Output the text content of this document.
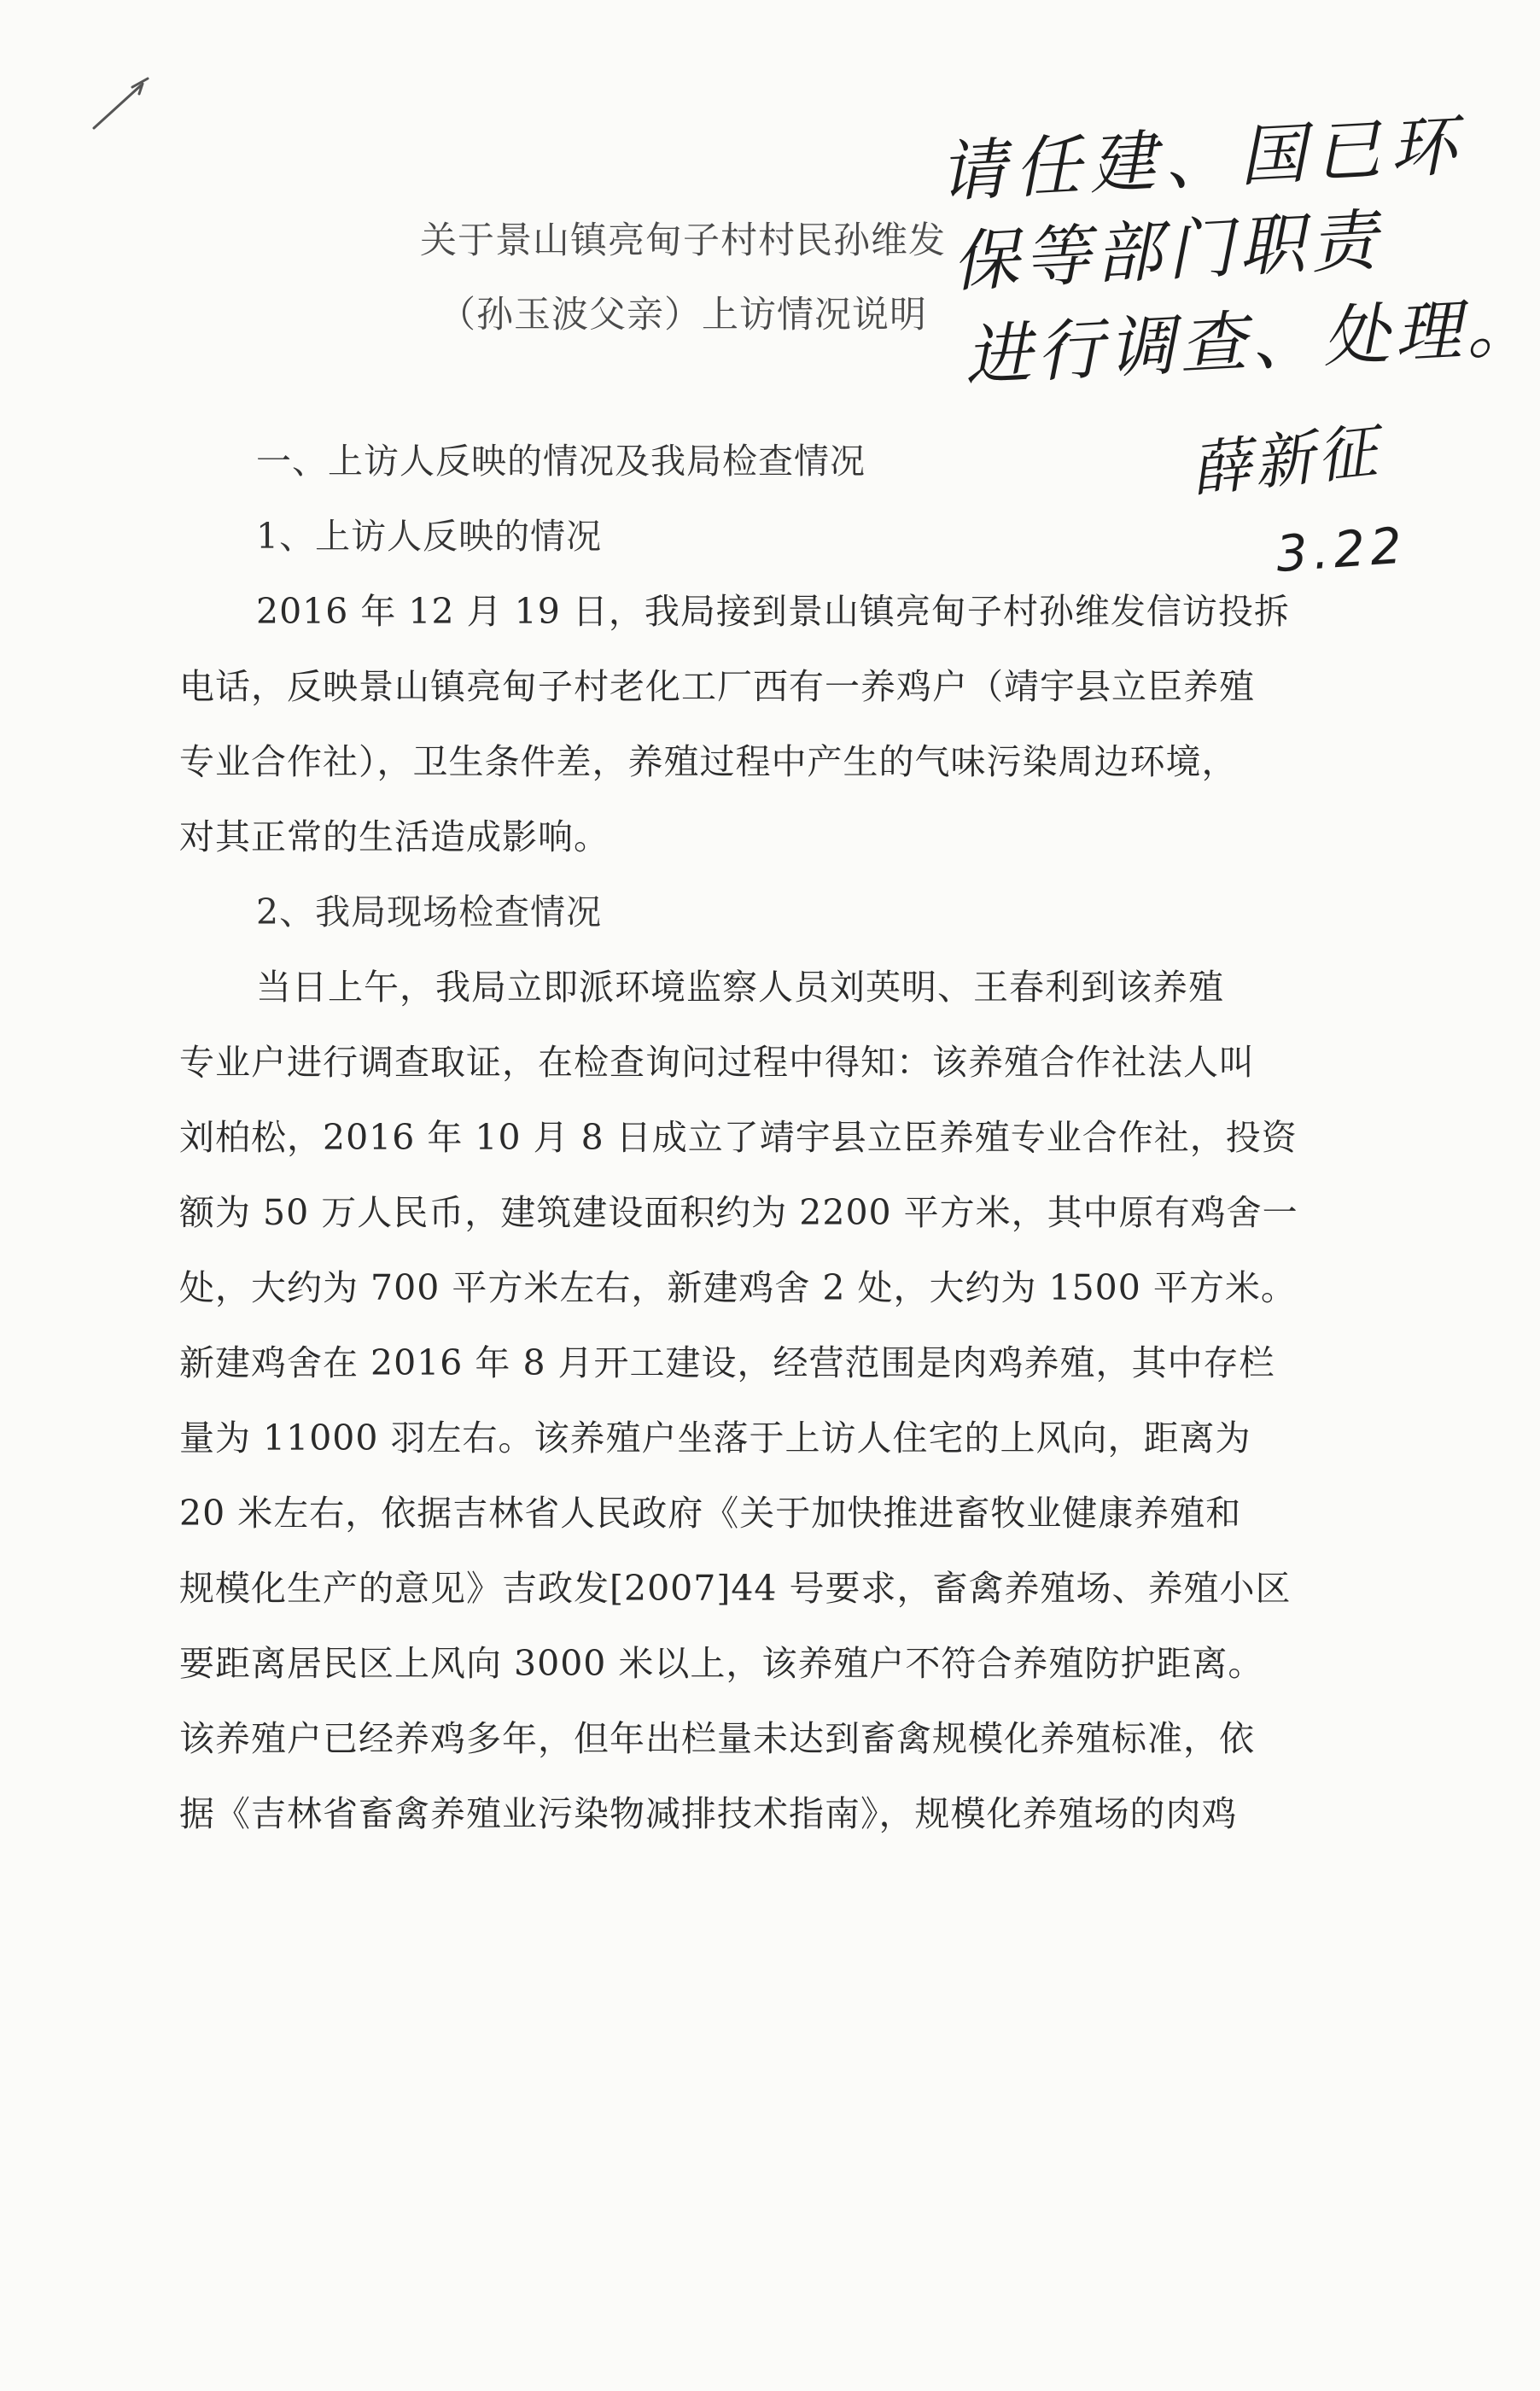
关于景山镇亮甸子村村民孙维发
（孙玉波父亲）上访情况说明
请任建、国已环
保等部门职责
进行调查、处理。
薛新征
3.22
一、上访人反映的情况及我局检查情况
1、上访人反映的情况
2016 年 12 月 19 日，我局接到景山镇亮甸子村孙维发信访投拆
电话，反映景山镇亮甸子村老化工厂西有一养鸡户（靖宇县立臣养殖
专业合作社），卫生条件差，养殖过程中产生的气味污染周边环境，
对其正常的生活造成影响。
2、我局现场检查情况
当日上午，我局立即派环境监察人员刘英明、王春利到该养殖
专业户进行调查取证，在检查询问过程中得知：该养殖合作社法人叫
刘柏松，2016 年 10 月 8 日成立了靖宇县立臣养殖专业合作社，投资
额为 50 万人民币，建筑建设面积约为 2200 平方米，其中原有鸡舍一
处，大约为 700 平方米左右，新建鸡舍 2 处，大约为 1500 平方米。
新建鸡舍在 2016 年 8 月开工建设，经营范围是肉鸡养殖，其中存栏
量为 11000 羽左右。该养殖户坐落于上访人住宅的上风向，距离为
20 米左右，依据吉林省人民政府《关于加快推进畜牧业健康养殖和
规模化生产的意见》吉政发[2007]44 号要求，畜禽养殖场、养殖小区
要距离居民区上风向 3000 米以上，该养殖户不符合养殖防护距离。
该养殖户已经养鸡多年，但年出栏量未达到畜禽规模化养殖标准，依
据《吉林省畜禽养殖业污染物减排技术指南》，规模化养殖场的肉鸡
